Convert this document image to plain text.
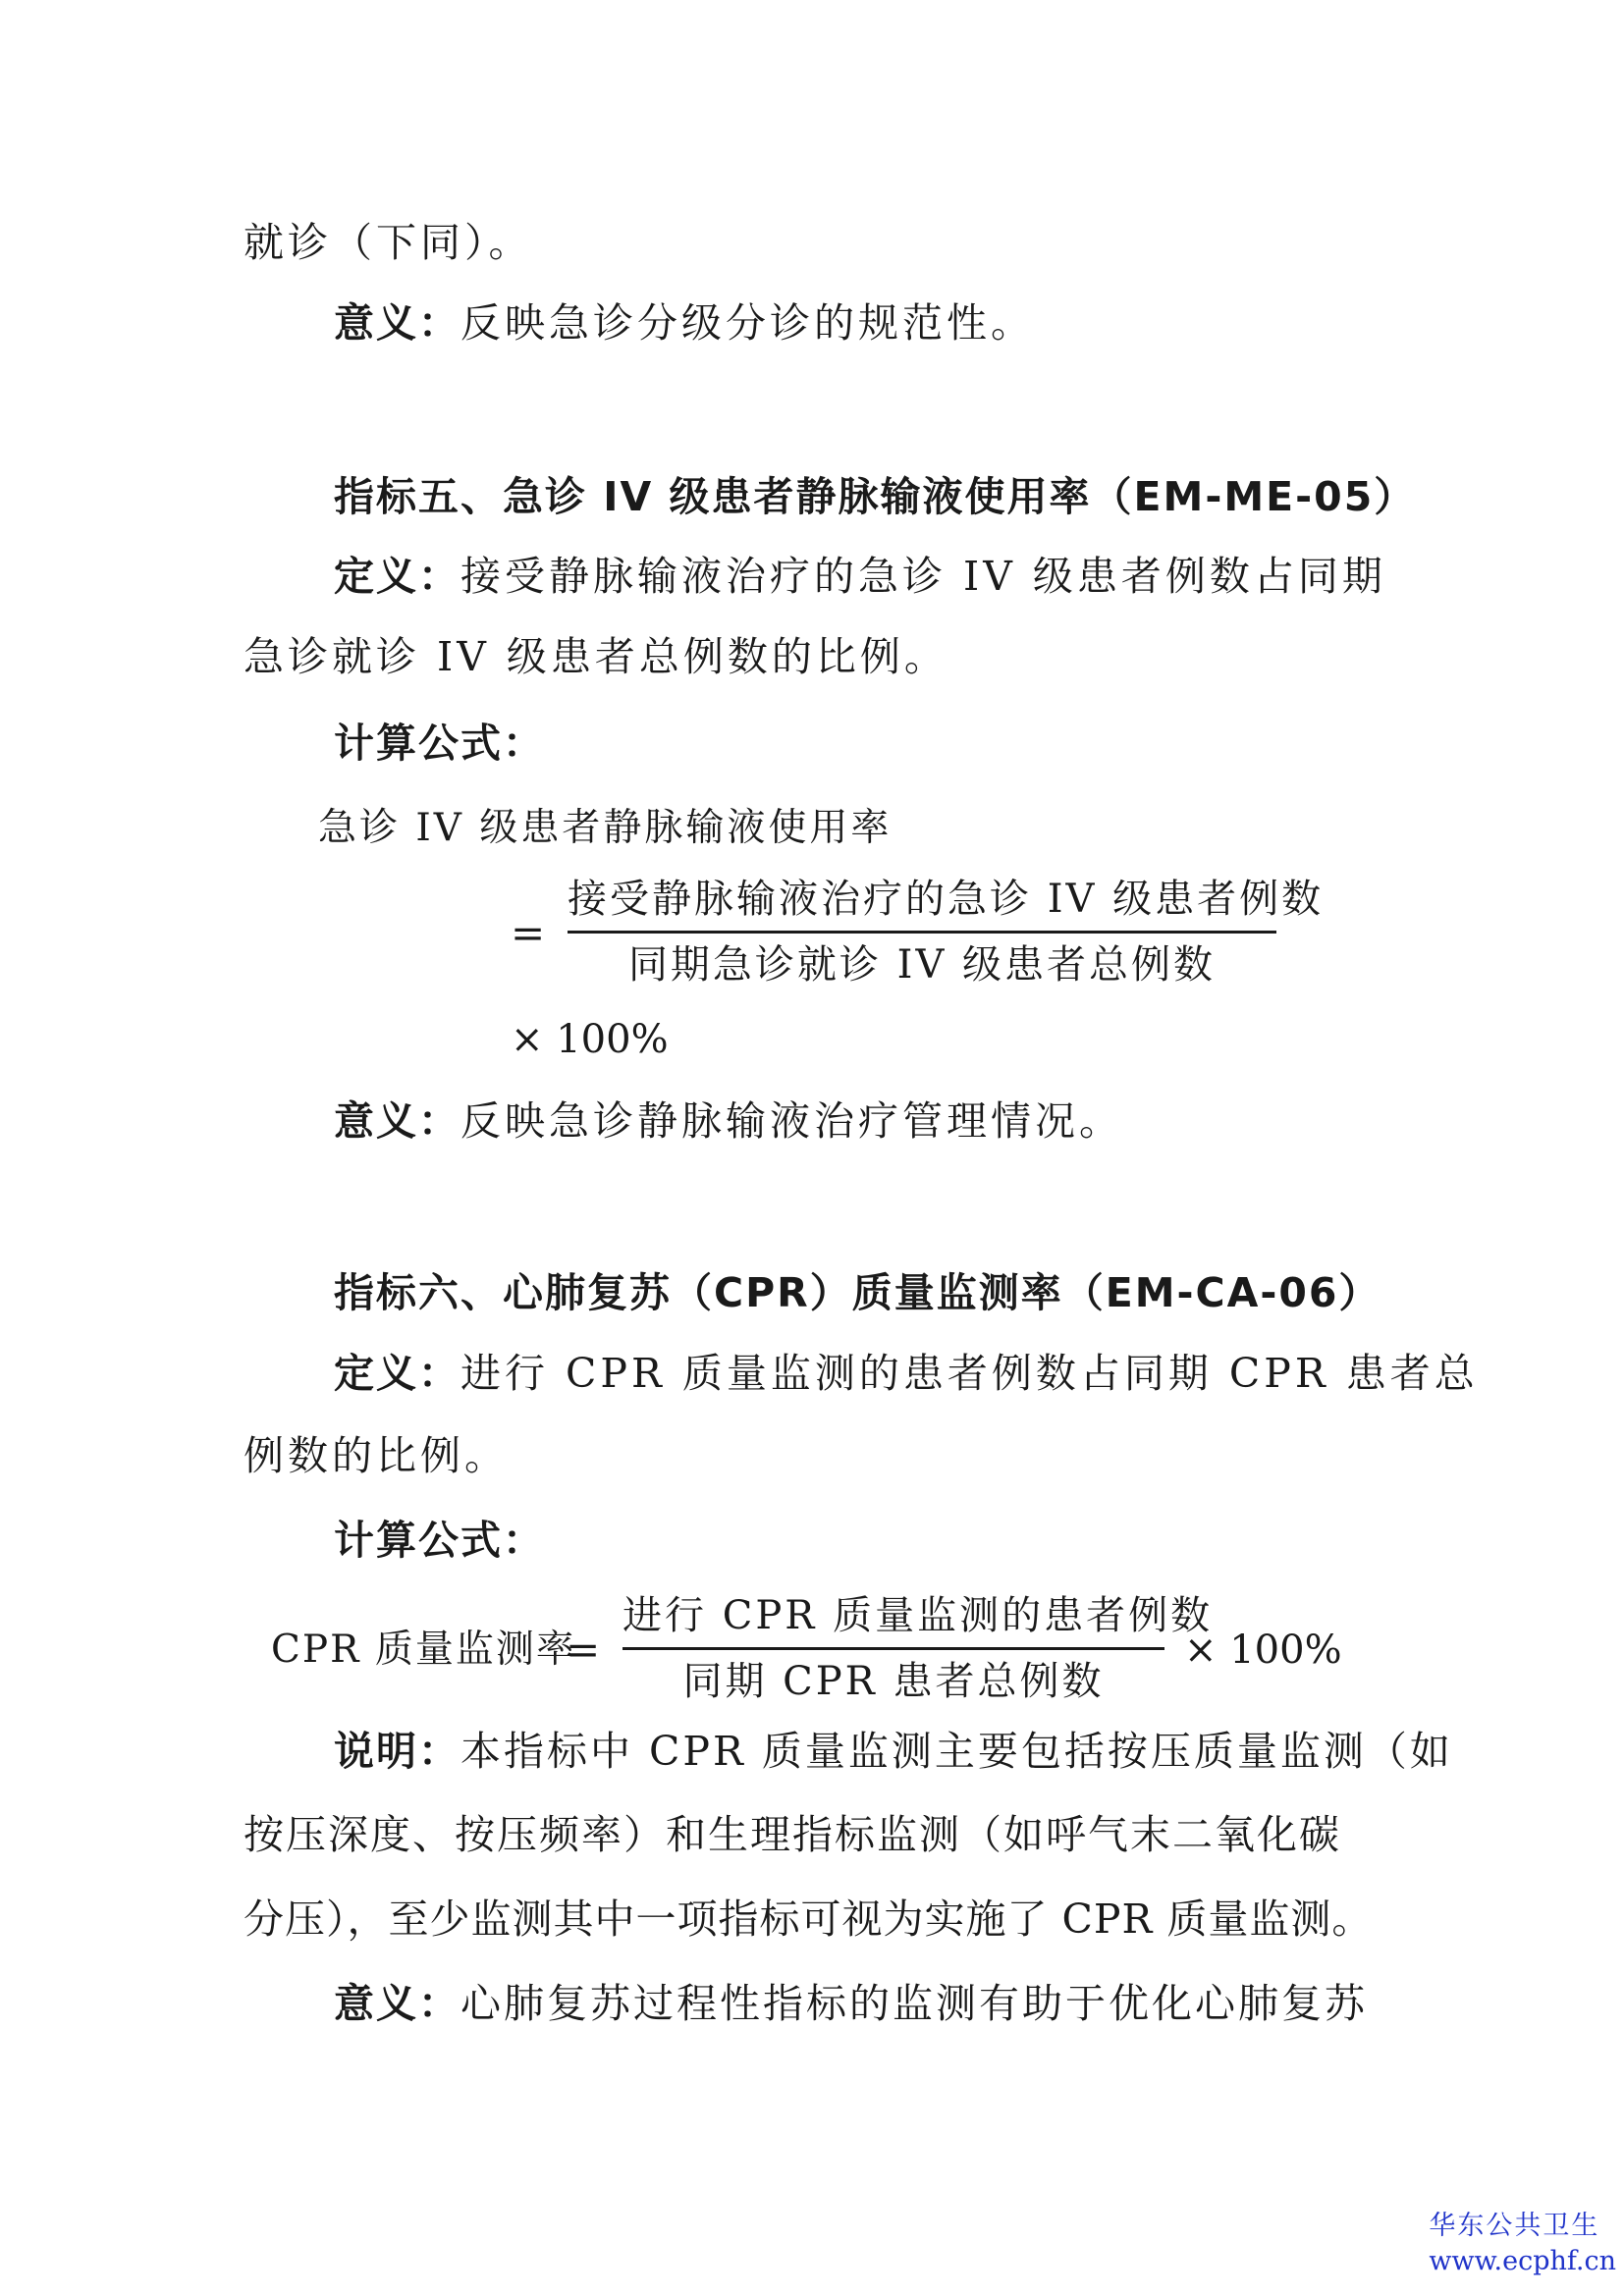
就诊（下同）。
意义：反映急诊分级分诊的规范性。
指标五、急诊 IV 级患者静脉输液使用率（EM-ME-05）
定义：接受静脉输液治疗的急诊 IV 级患者例数占同期
急诊就诊 IV 级患者总例数的比例。
计算公式：
急诊 IV 级患者静脉输液使用率
=
接受静脉输液治疗的急诊 IV 级患者例数
同期急诊就诊 IV 级患者总例数
× 100%
意义：反映急诊静脉输液治疗管理情况。
指标六、心肺复苏（CPR）质量监测率（EM-CA-06）
定义：进行 CPR 质量监测的患者例数占同期 CPR 患者总
例数的比例。
计算公式：
CPR 质量监测率
=
进行 CPR 质量监测的患者例数
同期 CPR 患者总例数
× 100%
说明：本指标中 CPR 质量监测主要包括按压质量监测（如
按压深度、按压频率）和生理指标监测（如呼气末二氧化碳
分压），至少监测其中一项指标可视为实施了 CPR 质量监测。
意义：心肺复苏过程性指标的监测有助于优化心肺复苏
华东公共卫生
www.ecphf.cn
